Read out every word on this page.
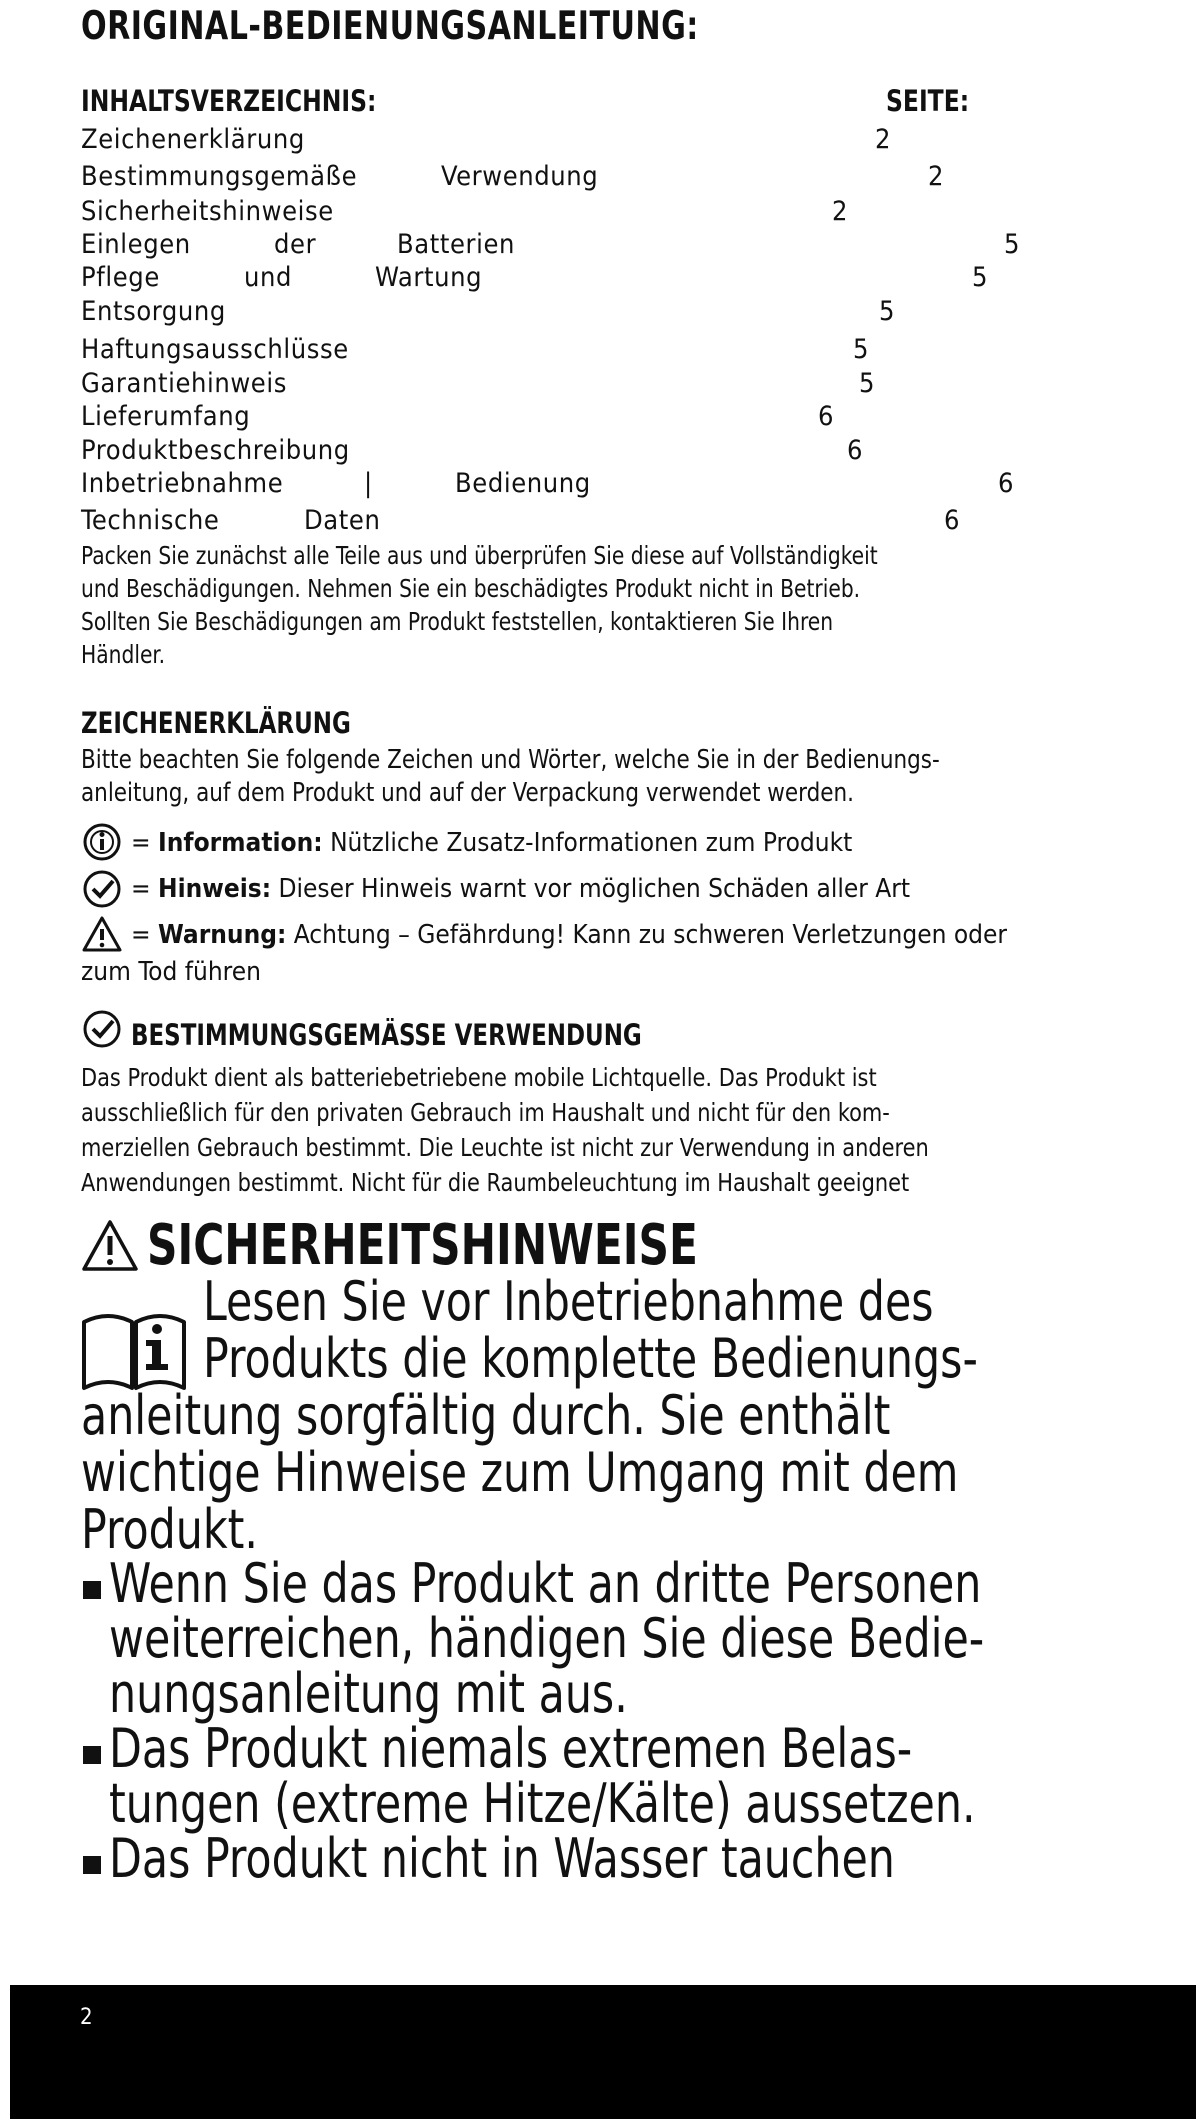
ORIGINAL-BEDIENUNGSANLEITUNG:
INHALTSVERZEICHNIS:	SEITE:
Zeichenerklärung	2
Bestimmungsgemäße	Verwendung	2
Sicherheitshinweise	2
Einlegen	der	Batterien	5
Pflege	und	Wartung	5
Entsorgung	5
Haftungsausschlüsse	5
Garantiehinweis	5
Lieferumfang	6
Produktbeschreibung	6
Inbetriebnahme	|	Bedienung	6
Technische	Daten	6

Packen Sie zunächst alle Teile aus und überprüfen Sie diese auf Vollständigkeit

und Beschädigungen. Nehmen Sie ein beschädigtes Produkt nicht in Betrieb.

Sollten Sie Beschädigungen am Produkt feststellen, kontaktieren Sie Ihren

Händler.

ZEICHENERKLÄRUNG

Bitte beachten Sie folgende Zeichen und Wörter, welche Sie in der Bedienungs-

anleitung, auf dem Produkt und auf der Verpackung verwendet werden.

= Information: Nützliche Zusatz-Informationen zum Produkt
= Hinweis: Dieser Hinweis warnt vor möglichen Schäden aller Art
= Warnung: Achtung – Gefährdung! Kann zu schweren Verletzungen oder

zum Tod führen

BESTIMMUNGSGEMÄSSE VERWENDUNG

Das Produkt dient als batteriebetriebene mobile Lichtquelle. Das Produkt ist

ausschließlich für den privaten Gebrauch im Haushalt und nicht für den kom-

merziellen Gebrauch bestimmt. Die Leuchte ist nicht zur Verwendung in anderen

Anwendungen bestimmt. Nicht für die Raumbeleuchtung im Haushalt geeignet

SICHERHEITSHINWEISE
Lesen Sie vor Inbetriebnahme des
Produkts die komplette Bedienungs-
anleitung sorgfältig durch. Sie enthält
wichtige Hinweise zum Umgang mit dem
Produkt.
Wenn Sie das Produkt an dritte Personen
weiterreichen, händigen Sie diese Bedie-
nungsanleitung mit aus.
Das Produkt niemals extremen Belas-
tungen (extreme Hitze/Kälte) aussetzen.
Das Produkt nicht in Wasser tauchen
2
